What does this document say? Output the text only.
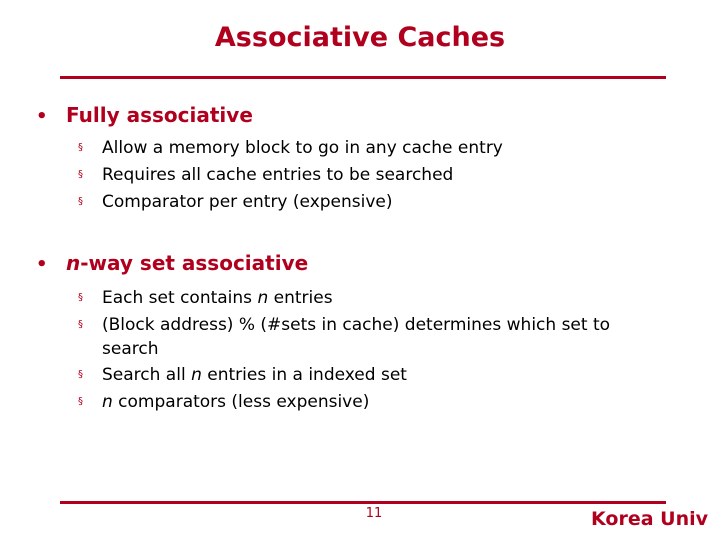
Associative Caches
• Fully associative
§	Allow a memory block to go in any cache entry
§	Requires all cache entries to be searched
§	Comparator per entry (expensive)
• n-way set associative
§	Each set contains n entries
§	(Block address) % (#sets in cache) determines which set to search
§	Search all n entries in a indexed set
§	n comparators (less expensive)
11	Korea Univ
